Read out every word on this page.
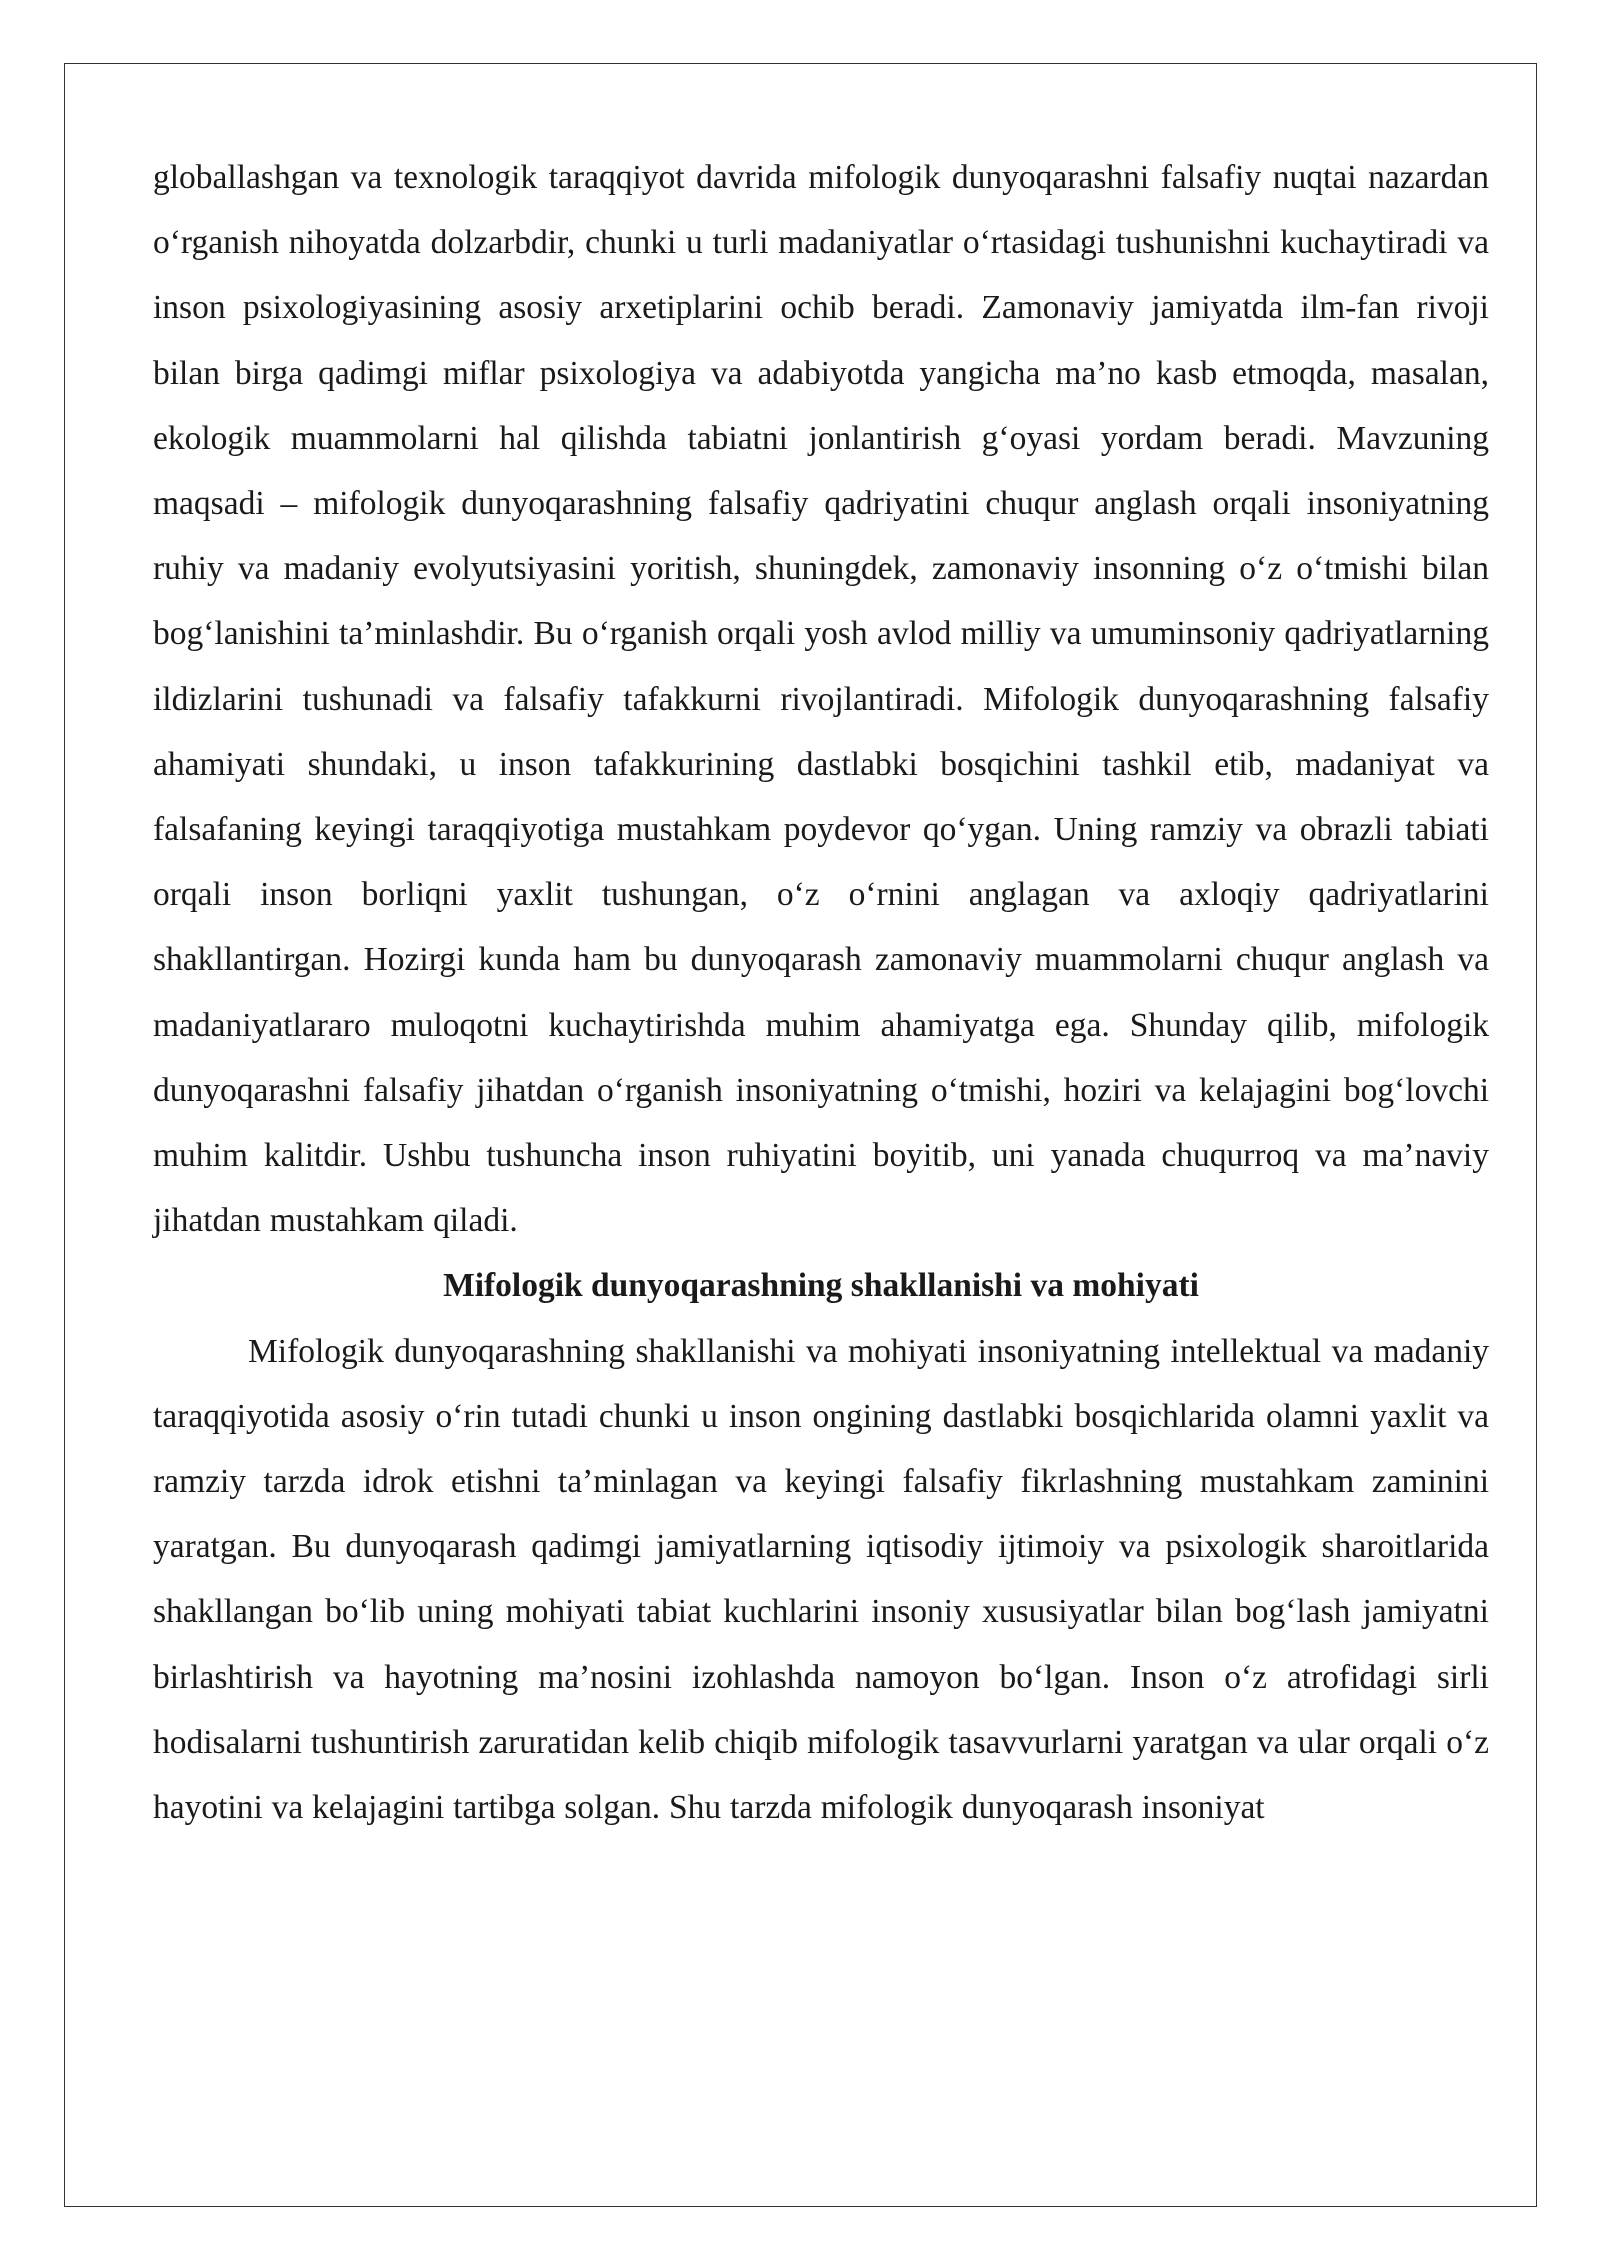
globallashgan va texnologik taraqqiyot davrida mifologik dunyoqarashni falsafiy nuqtai nazardan o‘rganish nihoyatda dolzarbdir, chunki u turli madaniyatlar o‘rtasidagi tushunishni kuchaytiradi va inson psixologiyasining asosiy arxetiplarini ochib beradi. Zamonaviy jamiyatda ilm-fan rivoji bilan birga qadimgi miflar psixologiya va adabiyotda yangicha ma’no kasb etmoqda, masalan, ekologik muammolarni hal qilishda tabiatni jonlantirish g‘oyasi yordam beradi. Mavzuning maqsadi – mifologik dunyoqarashning falsafiy qadriyatini chuqur anglash orqali insoniyatning ruhiy va madaniy evolyutsiyasini yoritish, shuningdek, zamonaviy insonning o‘z o‘tmishi bilan bog‘lanishini ta’minlashdir. Bu o‘rganish orqali yosh avlod milliy va umuminsoniy qadriyatlarning ildizlarini tushunadi va falsafiy tafakkurni rivojlantiradi. Mifologik dunyoqarashning falsafiy ahamiyati shundaki, u inson tafakkurining dastlabki bosqichini tashkil etib, madaniyat va falsafaning keyingi taraqqiyotiga mustahkam poydevor qo‘ygan. Uning ramziy va obrazli tabiati orqali inson borliqni yaxlit tushungan, o‘z o‘rnini anglagan va axloqiy qadriyatlarini shakllantirgan. Hozirgi kunda ham bu dunyoqarash zamonaviy muammolarni chuqur anglash va madaniyatlararo muloqotni kuchaytirishda muhim ahamiyatga ega. Shunday qilib, mifologik dunyoqarashni falsafiy jihatdan o‘rganish insoniyatning o‘tmishi, hoziri va kelajagini bog‘lovchi muhim kalitdir. Ushbu tushuncha inson ruhiyatini boyitib, uni yanada chuqurroq va ma’naviy jihatdan mustahkam qiladi.

Mifologik dunyoqarashning shakllanishi va mohiyati

Mifologik dunyoqarashning shakllanishi va mohiyati insoniyatning intellektual va madaniy taraqqiyotida asosiy o‘rin tutadi chunki u inson ongining dastlabki bosqichlarida olamni yaxlit va ramziy tarzda idrok etishni ta’minlagan va keyingi falsafiy fikrlashning mustahkam zaminini yaratgan. Bu dunyoqarash qadimgi jamiyatlarning iqtisodiy ijtimoiy va psixologik sharoitlarida shakllangan bo‘lib uning mohiyati tabiat kuchlarini insoniy xususiyatlar bilan bog‘lash jamiyatni birlashtirish va hayotning ma’nosini izohlashda namoyon bo‘lgan. Inson o‘z atrofidagi sirli hodisalarni tushuntirish zaruratidan kelib chiqib mifologik tasavvurlarni yaratgan va ular orqali o‘z hayotini va kelajagini tartibga solgan. Shu tarzda mifologik dunyoqarash insoniyat
